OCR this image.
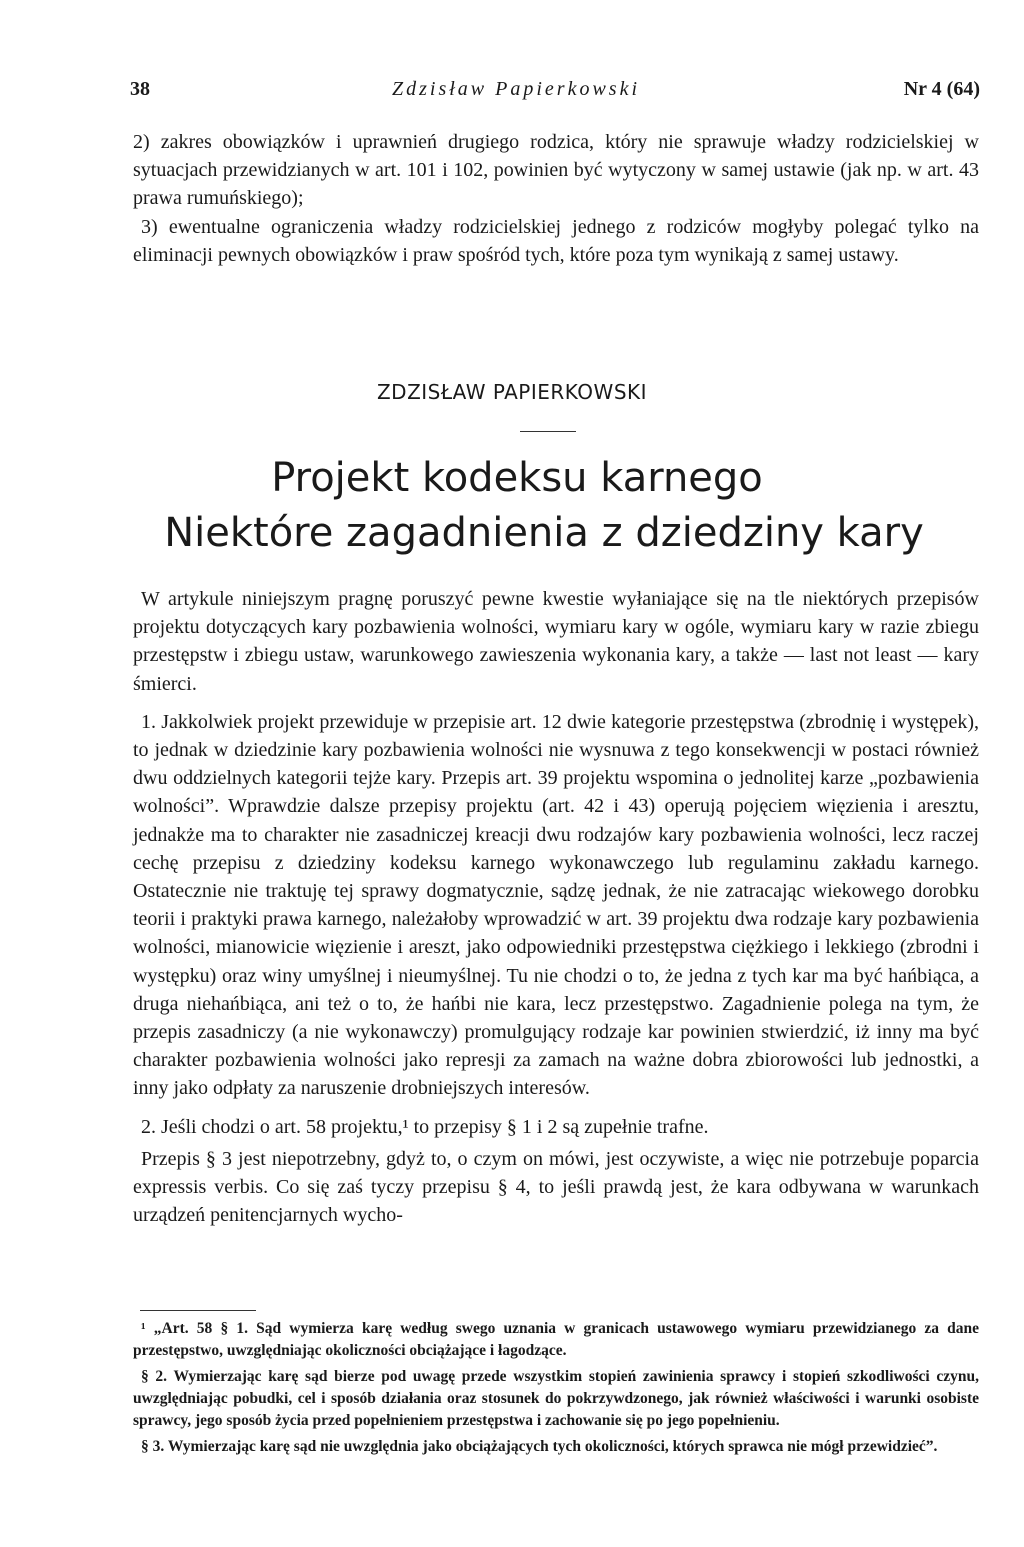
38	Zdzisław Papierkowski	Nr 4 (64)

2) zakres obowiązków i uprawnień drugiego rodzica, który nie sprawuje władzy rodzicielskiej w sytuacjach przewidzianych w art. 101 i 102, powinien być wytyczony w samej ustawie (jak np. w art. 43 prawa rumuńskiego);

3) ewentualne ograniczenia władzy rodzicielskiej jednego z rodziców mogłyby polegać tylko na eliminacji pewnych obowiązków i praw spośród tych, które poza tym wynikają z samej ustawy.

ZDZISŁAW PAPIERKOWSKI
Projekt kodeksu karnego
Niektóre zagadnienia z dziedziny kary

W artykule niniejszym pragnę poruszyć pewne kwestie wyłaniające się na tle niektórych przepisów projektu dotyczących kary pozbawienia wolności, wymiaru kary w ogóle, wymiaru kary w razie zbiegu przestępstw i zbiegu ustaw, warunkowego zawieszenia wykonania kary, a także — last not least — kary śmierci.

1. Jakkolwiek projekt przewiduje w przepisie art. 12 dwie kategorie przestępstwa (zbrodnię i występek), to jednak w dziedzinie kary pozbawienia wolności nie wysnuwa z tego konsekwencji w postaci również dwu oddzielnych kategorii tejże kary. Przepis art. 39 projektu wspomina o jednolitej karze „pozbawienia wolności”. Wprawdzie dalsze przepisy projektu (art. 42 i 43) operują pojęciem więzienia i aresztu, jednakże ma to charakter nie zasadniczej kreacji dwu rodzajów kary pozbawienia wolności, lecz raczej cechę przepisu z dziedziny kodeksu karnego wykonawczego lub regulaminu zakładu karnego. Ostatecznie nie traktuję tej sprawy dogmatycznie, sądzę jednak, że nie zatracając wiekowego dorobku teorii i praktyki prawa karnego, należałoby wprowadzić w art. 39 projektu dwa rodzaje kary pozbawienia wolności, mianowicie więzienie i areszt, jako odpowiedniki przestępstwa ciężkiego i lekkiego (zbrodni i występku) oraz winy umyślnej i nieumyślnej. Tu nie chodzi o to, że jedna z tych kar ma być hańbiąca, a druga niehańbiąca, ani też o to, że hańbi nie kara, lecz przestępstwo. Zagadnienie polega na tym, że przepis zasadniczy (a nie wykonawczy) promulgujący rodzaje kar powinien stwierdzić, iż inny ma być charakter pozbawienia wolności jako represji za zamach na ważne dobra zbiorowości lub jednostki, a inny jako odpłaty za naruszenie drobniejszych interesów.

2. Jeśli chodzi o art. 58 projektu,¹ to przepisy § 1 i 2 są zupełnie trafne.

Przepis § 3 jest niepotrzebny, gdyż to, o czym on mówi, jest oczywiste, a więc nie potrzebuje poparcia expressis verbis. Co się zaś tyczy przepisu § 4, to jeśli prawdą jest, że kara odbywana w warunkach urządzeń penitencjarnych wycho-

¹ „Art. 58 § 1. Sąd wymierza karę według swego uznania w granicach ustawowego wymiaru przewidzianego za dane przestępstwo, uwzględniając okoliczności obciążające i łagodzące.

§ 2. Wymierzając karę sąd bierze pod uwagę przede wszystkim stopień zawinienia sprawcy i stopień szkodliwości czynu, uwzględniając pobudki, cel i sposób działania oraz stosunek do pokrzywdzonego, jak również właściwości i warunki osobiste sprawcy, jego sposób życia przed popełnieniem przestępstwa i zachowanie się po jego popełnieniu.

§ 3. Wymierzając karę sąd nie uwzględnia jako obciążających tych okoliczności, których sprawca nie mógł przewidzieć”.
